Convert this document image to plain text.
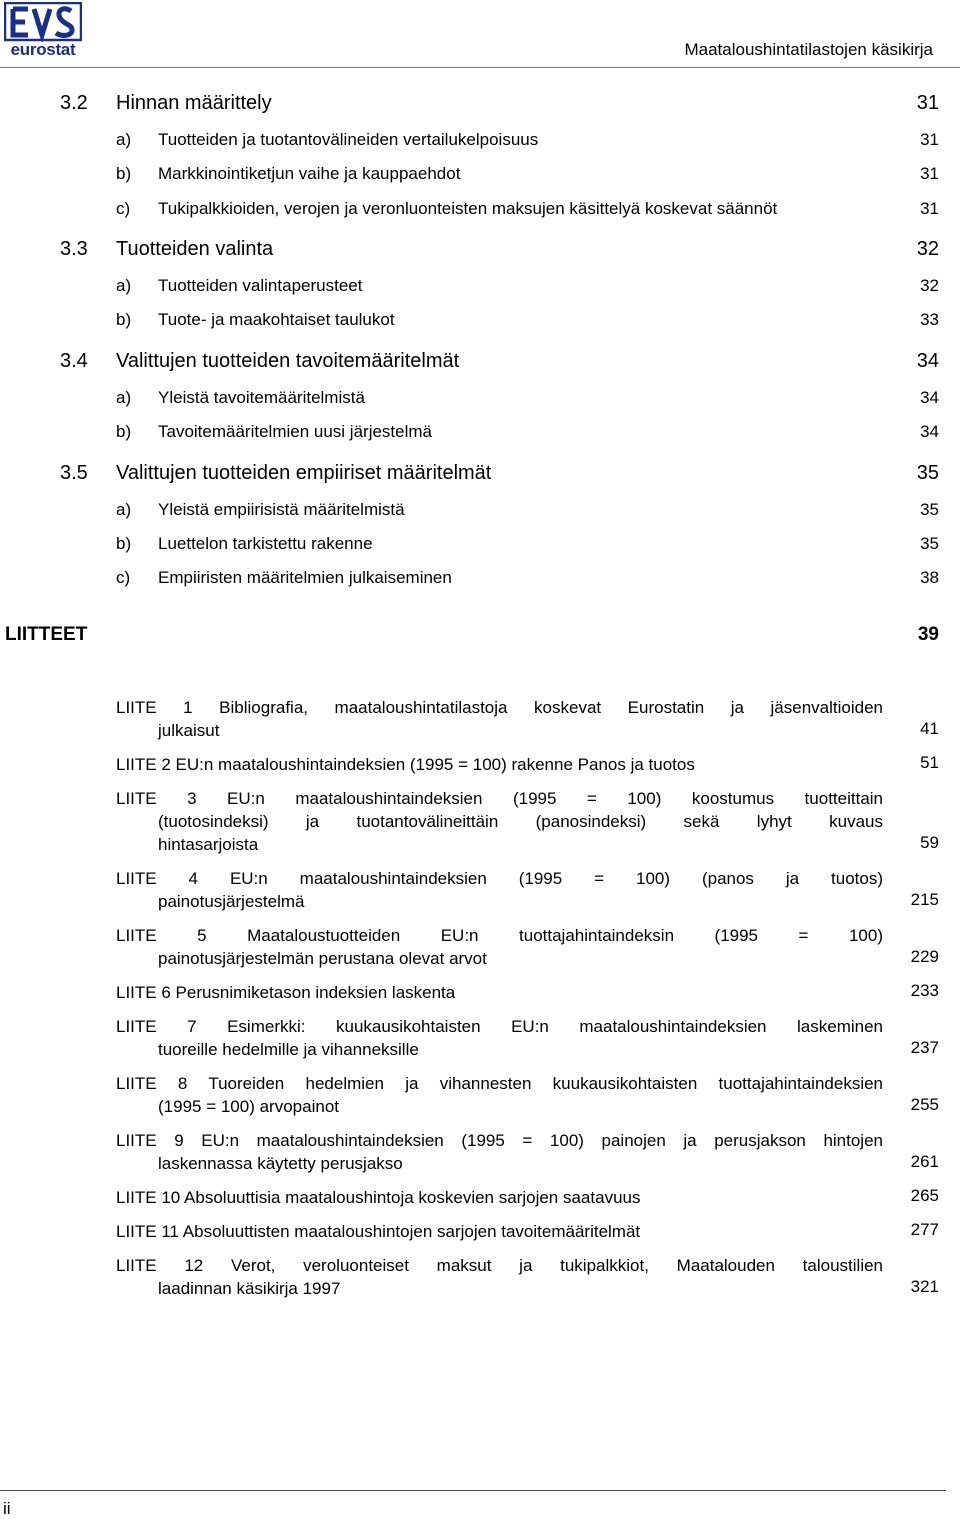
eurostat	Maataloushintatilastojen käsikirja
3.2 Hinnan määrittely	31
a) Tuotteiden ja tuotantovälineiden vertailukelpoisuus	31
b) Markkinointiketjun vaihe ja kauppaehdot	31
c) Tukipalkkioiden, verojen ja veronluonteisten maksujen käsittelyä koskevat säännöt	31
3.3 Tuotteiden valinta	32
a) Tuotteiden valintaperusteet	32
b) Tuote- ja maakohtaiset taulukot	33
3.4 Valittujen tuotteiden tavoitemääritelmät	34
a) Yleistä tavoitemääritelmistä	34
b) Tavoitemääritelmien uusi järjestelmä	34
3.5 Valittujen tuotteiden empiiriset määritelmät	35
a) Yleistä empiirisistä määritelmistä	35
b) Luettelon tarkistettu rakenne	35
c) Empiiristen määritelmien julkaiseminen	38
LIITTEET	39
LIITE 1 Bibliografia, maataloushintatilastoja koskevat Eurostatin ja jäsenvaltioiden
julkaisut	41
LIITE 2 EU:n maataloushintaindeksien (1995 = 100) rakenne Panos ja tuotos	51
LIITE 3 EU:n maataloushintaindeksien (1995 = 100) koostumus tuotteittain
(tuotosindeksi) ja tuotantovälineittäin (panosindeksi) sekä lyhyt kuvaus
hintasarjoista	59
LIITE 4 EU:n maataloushintaindeksien (1995 = 100) (panos ja tuotos)
painotusjärjestelmä	215
LIITE 5 Maataloustuotteiden EU:n tuottajahintaindeksin (1995 = 100)
painotusjärjestelmän perustana olevat arvot	229
LIITE 6 Perusnimiketason indeksien laskenta	233
LIITE 7 Esimerkki: kuukausikohtaisten EU:n maataloushintaindeksien laskeminen
tuoreille hedelmille ja vihanneksille	237
LIITE 8 Tuoreiden hedelmien ja vihannesten kuukausikohtaisten tuottajahintaindeksien
(1995 = 100) arvopainot	255
LIITE 9 EU:n maataloushintaindeksien (1995 = 100) painojen ja perusjakson hintojen
laskennassa käytetty perusjakso	261
LIITE 10 Absoluuttisia maataloushintoja koskevien sarjojen saatavuus	265
LIITE 11 Absoluuttisten maataloushintojen sarjojen tavoitemääritelmät	277
LIITE 12 Verot, veroluonteiset maksut ja tukipalkkiot, Maatalouden taloustilien
laadinnan käsikirja 1997	321
ii
